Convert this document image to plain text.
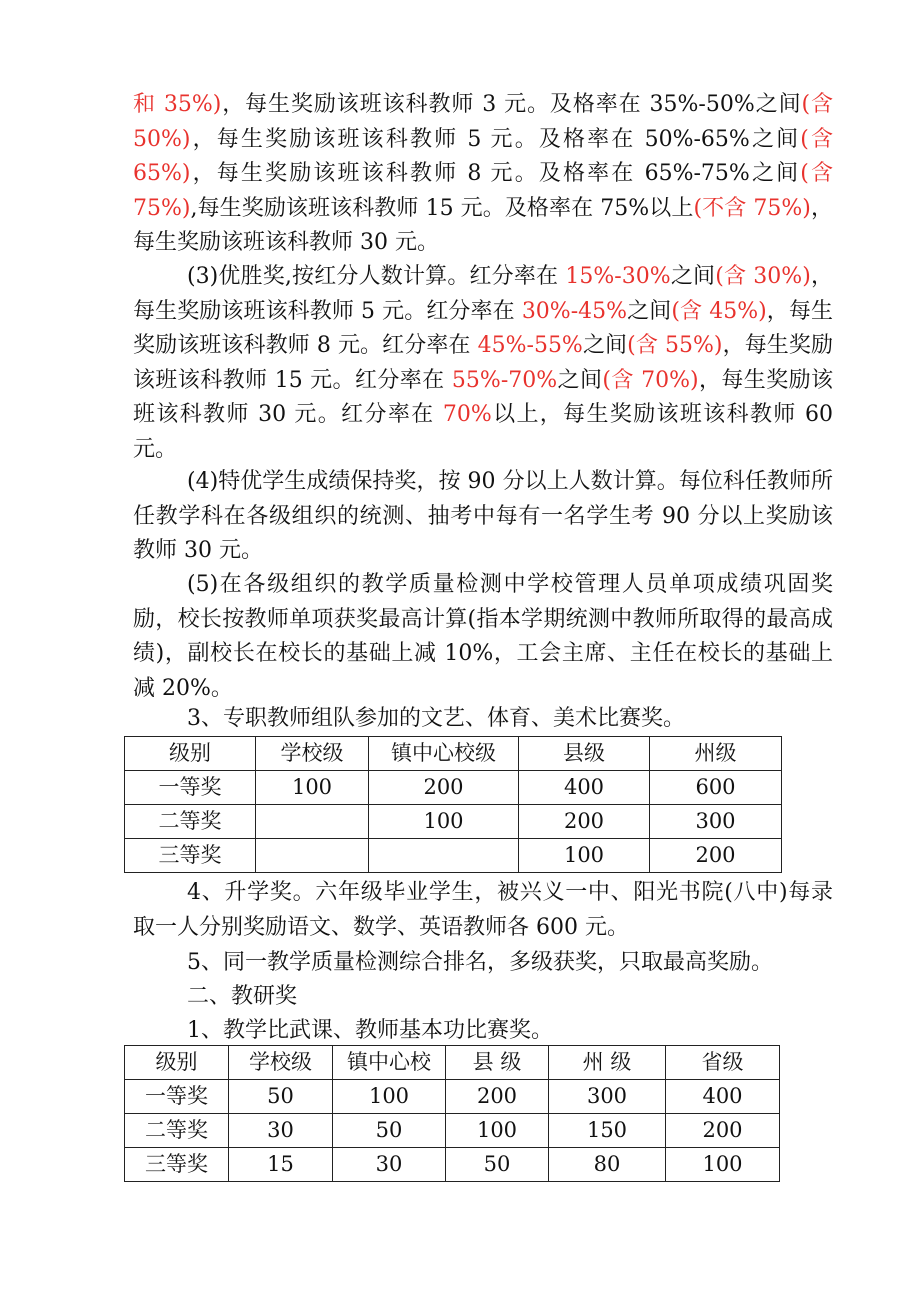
和 35%)，每生奖励该班该科教师 3 元。及格率在 35%-50%之间(含 50%)，每生奖励该班该科教师 5 元。及格率在 50%-65%之间(含 65%)，每生奖励该班该科教师 8 元。及格率在 65%-75%之间(含 75%),每生奖励该班该科教师 15 元。及格率在 75%以上(不含 75%)，每生奖励该班该科教师 30 元。
(3)优胜奖,按红分人数计算。红分率在 15%-30%之间(含 30%)，每生奖励该班该科教师 5 元。红分率在 30%-45%之间(含 45%)，每生奖励该班该科教师 8 元。红分率在 45%-55%之间(含 55%)，每生奖励该班该科教师 15 元。红分率在 55%-70%之间(含 70%)，每生奖励该班该科教师 30 元。红分率在 70%以上，每生奖励该班该科教师 60 元。
(4)特优学生成绩保持奖，按 90 分以上人数计算。每位科任教师所任教学科在各级组织的统测、抽考中每有一名学生考 90 分以上奖励该教师 30 元。
(5)在各级组织的教学质量检测中学校管理人员单项成绩巩固奖励，校长按教师单项获奖最高计算(指本学期统测中教师所取得的最高成绩)，副校长在校长的基础上减 10%，工会主席、主任在校长的基础上减 20%。
3、专职教师组队参加的文艺、体育、美术比赛奖。
级别	学校级	镇中心校级	县级	州级
一等奖	100	200	400	600
二等奖		100	200	300
三等奖			100	200
4、升学奖。六年级毕业学生，被兴义一中、阳光书院(八中)每录取一人分别奖励语文、数学、英语教师各 600 元。
5、同一教学质量检测综合排名，多级获奖，只取最高奖励。
二、教研奖
1、教学比武课、教师基本功比赛奖。
级别	学校级	镇中心校	县 级	州 级	省级
一等奖	50	100	200	300	400
二等奖	30	50	100	150	200
三等奖	15	30	50	80	100
